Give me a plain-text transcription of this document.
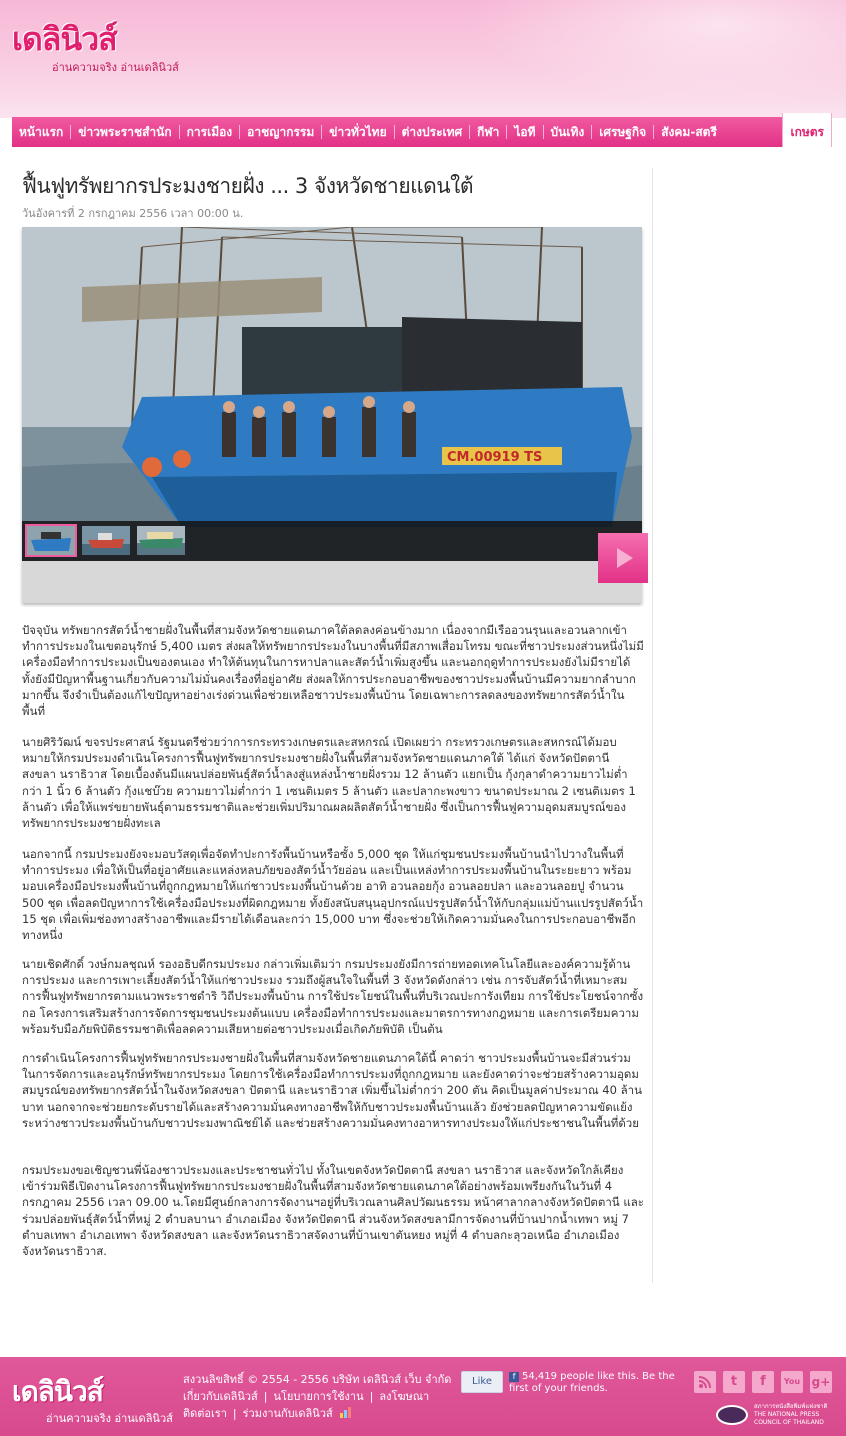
เดลินิวส์
อ่านความจริง อ่านเดลินิวส์
หน้าแรก	ข่าวพระราชสำนัก	การเมือง	อาชญากรรม	ข่าวทั่วไทย	ต่างประเทศ	กีฬา	ไอที	บันเทิง	เศรษฐกิจ	สังคม-สตรี	เกษตร
ฟื้นฟูทรัพยากรประมงชายฝั่ง ... 3 จังหวัดชายแดนใต้
วันอังคารที่ 2 กรกฎาคม 2556 เวลา 00:00 น.
CM.00919 TS

ปัจจุบัน ทรัพยากรสัตว์น้ำชายฝั่งในพื้นที่สามจังหวัดชายแดนภาคใต้ลดลงค่อนข้างมาก เนื่องจากมีเรืออวนรุนและอวนลากเข้าทำการประมงในเขตอนุรักษ์ 5,400 เมตร ส่งผลให้ทรัพยากรประมงในบางพื้นที่มีสภาพเสื่อมโทรม ขณะที่ชาวประมงส่วนหนึ่งไม่มีเครื่องมือทำการประมงเป็นของตนเอง ทำให้ต้นทุนในการหาปลาและสัตว์น้ำเพิ่มสูงขึ้น และนอกฤดูทำการประมงยังไม่มีรายได้ ทั้งยังมีปัญหาพื้นฐานเกี่ยวกับความไม่มั่นคงเรื่องที่อยู่อาศัย ส่งผลให้การประกอบอาชีพของชาวประมงพื้นบ้านมีความยากลำบากมากขึ้น จึงจำเป็นต้องแก้ไขปัญหาอย่างเร่งด่วนเพื่อช่วยเหลือชาวประมงพื้นบ้าน โดยเฉพาะการลดลงของทรัพยากรสัตว์น้ำในพื้นที่

นายศิริวัฒน์ ขจรประศาสน์ รัฐมนตรีช่วยว่าการกระทรวงเกษตรและสหกรณ์ เปิดเผยว่า กระทรวงเกษตรและสหกรณ์ได้มอบหมายให้กรมประมงดำเนินโครงการฟื้นฟูทรัพยากรประมงชายฝั่งในพื้นที่สามจังหวัดชายแดนภาคใต้ ได้แก่ จังหวัดปัตตานี สงขลา นราธิวาส โดยเบื้องต้นมีแผนปล่อยพันธุ์สัตว์น้ำลงสู่แหล่งน้ำชายฝั่งรวม 12 ล้านตัว แยกเป็น กุ้งกุลาดำความยาวไม่ต่ำกว่า 1 นิ้ว 6 ล้านตัว กุ้งแชบ๊วย ความยาวไม่ต่ำกว่า 1 เซนติเมตร 5 ล้านตัว และปลากะพงขาว ขนาดประมาณ 2 เซนติเมตร 1 ล้านตัว เพื่อให้แพร่ขยายพันธุ์ตามธรรมชาติและช่วยเพิ่มปริมาณผลผลิตสัตว์น้ำชายฝั่ง ซึ่งเป็นการฟื้นฟูความอุดมสมบูรณ์ของทรัพยากรประมงชายฝั่งทะเล

นอกจากนี้ กรมประมงยังจะมอบวัสดุเพื่อจัดทำปะการังพื้นบ้านหรือซั้ง 5,000 ชุด ให้แก่ชุมชนประมงพื้นบ้านนำไปวางในพื้นที่ทำการประมง เพื่อให้เป็นที่อยู่อาศัยและแหล่งหลบภัยของสัตว์น้ำวัยอ่อน และเป็นแหล่งทำการประมงพื้นบ้านในระยะยาว พร้อมมอบเครื่องมือประมงพื้นบ้านที่ถูกกฎหมายให้แก่ชาวประมงพื้นบ้านด้วย อาทิ อวนลอยกุ้ง อวนลอยปลา และอวนลอยปู จำนวน 500 ชุด เพื่อลดปัญหาการใช้เครื่องมือประมงที่ผิดกฎหมาย ทั้งยังสนับสนุนอุปกรณ์แปรรูปสัตว์น้ำให้กับกลุ่มแม่บ้านแปรรูปสัตว์น้ำ 15 ชุด เพื่อเพิ่มช่องทางสร้างอาชีพและมีรายได้เดือนละกว่า 15,000 บาท ซึ่งจะช่วยให้เกิดความมั่นคงในการประกอบอาชีพอีกทางหนึ่ง

นายเชิดศักดิ์ วงษ์กมลชุณห์ รองอธิบดีกรมประมง กล่าวเพิ่มเติมว่า กรมประมงยังมีการถ่ายทอดเทคโนโลยีและองค์ความรู้ด้านการประมง และการเพาะเลี้ยงสัตว์น้ำให้แก่ชาวประมง รวมถึงผู้สนใจในพื้นที่ 3 จังหวัดดังกล่าว เช่น การจับสัตว์น้ำที่เหมาะสม การฟื้นฟูทรัพยากรตามแนวพระราชดำริ วิถีประมงพื้นบ้าน การใช้ประโยชน์ในพื้นที่บริเวณปะการังเทียม การใช้ประโยชน์จากซั้งกอ โครงการเสริมสร้างการจัดการชุมชนประมงต้นแบบ เครื่องมือทำการประมงและมาตรการทางกฎหมาย และการเตรียมความพร้อมรับมือภัยพิบัติธรรมชาติเพื่อลดความเสียหายต่อชาวประมงเมื่อเกิดภัยพิบัติ เป็นต้น

การดำเนินโครงการฟื้นฟูทรัพยากรประมงชายฝั่งในพื้นที่สามจังหวัดชายแดนภาคใต้นี้ คาดว่า ชาวประมงพื้นบ้านจะมีส่วนร่วมในการจัดการและอนุรักษ์ทรัพยากรประมง โดยการใช้เครื่องมือทำการประมงที่ถูกกฎหมาย และยังคาดว่าจะช่วยสร้างความอุดมสมบูรณ์ของทรัพยากรสัตว์น้ำในจังหวัดสงขลา ปัตตานี และนราธิวาส เพิ่มขึ้นไม่ต่ำกว่า 200 ตัน คิดเป็นมูลค่าประมาณ 40 ล้านบาท นอกจากจะช่วยยกระดับรายได้และสร้างความมั่นคงทางอาชีพให้กับชาวประมงพื้นบ้านแล้ว ยังช่วยลดปัญหาความขัดแย้งระหว่างชาวประมงพื้นบ้านกับชาวประมงพาณิชย์ได้ และช่วยสร้างความมั่นคงทางอาหารทางประมงให้แก่ประชาชนในพื้นที่ด้วย

กรมประมงขอเชิญชวนพี่น้องชาวประมงและประชาชนทั่วไป ทั้งในเขตจังหวัดปัตตานี สงขลา นราธิวาส และจังหวัดใกล้เคียง เข้าร่วมพิธีเปิดงานโครงการฟื้นฟูทรัพยากรประมงชายฝั่งในพื้นที่สามจังหวัดชายแดนภาคใต้อย่างพร้อมเพรียงกันในวันที่ 4 กรกฎาคม 2556 เวลา 09.00 น.โดยมีศูนย์กลางการจัดงานฯอยู่ที่บริเวณลานศิลปวัฒนธรรม หน้าศาลากลางจังหวัดปัตตานี และร่วมปล่อยพันธุ์สัตว์น้ำที่หมู่ 2 ตำบลบานา อำเภอเมือง จังหวัดปัตตานี ส่วนจังหวัดสงขลามีการจัดงานที่บ้านปากน้ำเทพา หมู่ 7 ตำบลเทพา อำเภอเทพา จังหวัดสงขลา และจังหวัดนราธิวาสจัดงานที่บ้านเขาตันหยง หมู่ที่ 4 ตำบลกะลุวอเหนือ อำเภอเมือง จังหวัดนราธิวาส.

เดลินิวส์
อ่านความจริง อ่านเดลินิวส์
สงวนลิขสิทธิ์ © 2554 - 2556 บริษัท เดลินิวส์ เว็บ จำกัด
เกี่ยวกับเดลินิวส์ | นโยบายการใช้งาน | ลงโฆษณา
ติดต่อเรา | ร่วมงานกับเดลินิวส์
Like	f 54,419 people like this. Be the first of your friends.	t	f	You g+
สภาการหนังสือพิมพ์แห่งชาติ
THE NATIONAL PRESS COUNCIL OF THAILAND
